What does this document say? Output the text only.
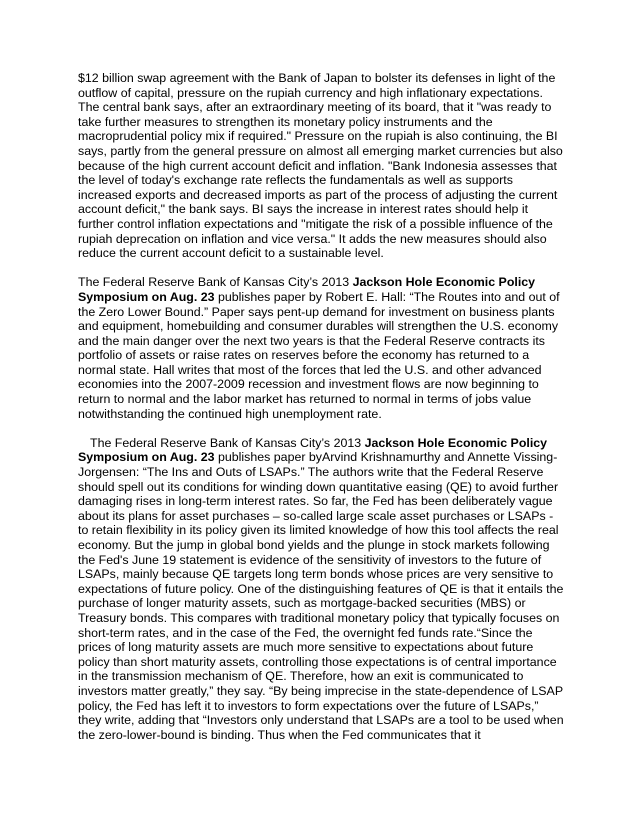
$12 billion swap agreement with the Bank of Japan to bolster its defenses in light of the outflow of capital, pressure on the rupiah currency and high inflationary expectations. The central bank says, after an extraordinary meeting of its board, that it "was ready to take further measures to strengthen its monetary policy instruments and the macroprudential policy mix if required." Pressure on the rupiah is also continuing, the BI says, partly from the general pressure on almost all emerging market currencies but also because of the high current account deficit and inflation. "Bank Indonesia assesses that the level of today's exchange rate reflects the fundamentals as well as supports increased exports and decreased imports as part of the process of adjusting the current account deficit," the bank says. BI says the increase in interest rates should help it further control inflation expectations and "mitigate the risk of a possible influence of the rupiah deprecation on inflation and vice versa." It adds the new measures should also reduce the current account deficit to a sustainable level.

The Federal Reserve Bank of Kansas City’s 2013 Jackson Hole Economic Policy Symposium on Aug. 23 publishes paper by Robert E. Hall: “The Routes into and out of the Zero Lower Bound.” Paper says pent-up demand for investment on business plants and equipment, homebuilding and consumer durables will strengthen the U.S. economy and the main danger over the next two years is that the Federal Reserve contracts its portfolio of assets or raise rates on reserves before the economy has returned to a normal state. Hall writes that most of the forces that led the U.S. and other advanced economies into the 2007-2009 recession and investment flows are now beginning to return to normal and the labor market has returned to normal in terms of jobs value notwithstanding the continued high unemployment rate.

The Federal Reserve Bank of Kansas City’s 2013 Jackson Hole Economic Policy Symposium on Aug. 23 publishes paper byArvind Krishnamurthy and Annette Vissing-Jorgensen: “The Ins and Outs of LSAPs.” The authors write that the Federal Reserve should spell out its conditions for winding down quantitative easing (QE) to avoid further damaging rises in long-term interest rates. So far, the Fed has been deliberately vague about its plans for asset purchases – so-called large scale asset purchases or LSAPs - to retain flexibility in its policy given its limited knowledge of how this tool affects the real economy. But the jump in global bond yields and the plunge in stock markets following the Fed's June 19 statement is evidence of the sensitivity of investors to the future of LSAPs, mainly because QE targets long term bonds whose prices are very sensitive to expectations of future policy. One of the distinguishing features of QE is that it entails the purchase of longer maturity assets, such as mortgage-backed securities (MBS) or Treasury bonds. This compares with traditional monetary policy that typically focuses on short-term rates, and in the case of the Fed, the overnight fed funds rate.“Since the prices of long maturity assets are much more sensitive to expectations about future policy than short maturity assets, controlling those expectations is of central importance in the transmission mechanism of QE. Therefore, how an exit is communicated to investors matter greatly,” they say. “By being imprecise in the state-dependence of LSAP policy, the Fed has left it to investors to form expectations over the future of LSAPs,” they write, adding that “Investors only understand that LSAPs are a tool to be used when the zero-lower-bound is binding. Thus when the Fed communicates that it
